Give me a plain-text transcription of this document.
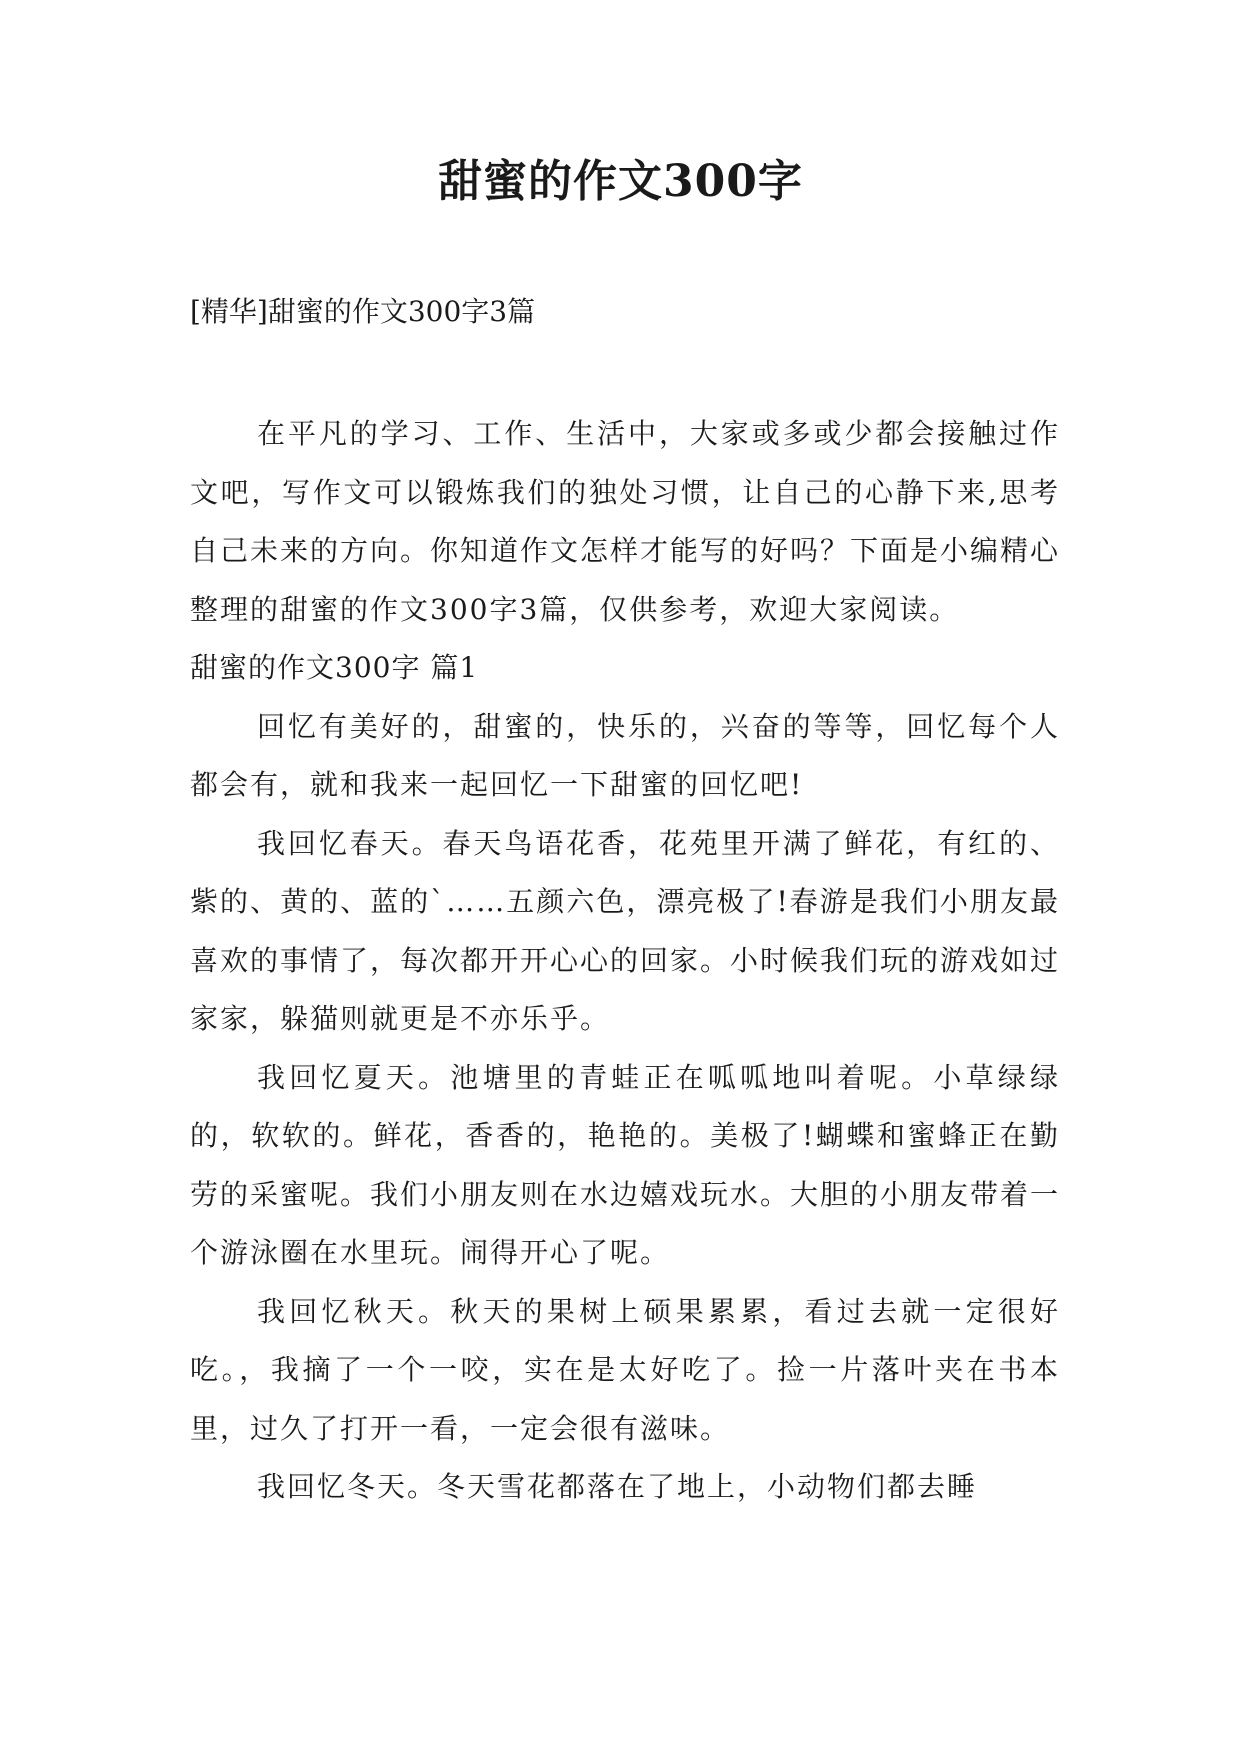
甜蜜的作文300字
[精华]甜蜜的作文300字3篇

在平凡的学习、工作、生活中，大家或多或少都会接触过作文吧，写作文可以锻炼我们的独处习惯，让自己的心静下来,思考自己未来的方向。你知道作文怎样才能写的好吗？下面是小编精心整理的甜蜜的作文300字3篇，仅供参考，欢迎大家阅读。

甜蜜的作文300字 篇1

回忆有美好的，甜蜜的，快乐的，兴奋的等等，回忆每个人都会有，就和我来一起回忆一下甜蜜的回忆吧!

我回忆春天。春天鸟语花香，花苑里开满了鲜花，有红的、紫的、黄的、蓝的`……五颜六色，漂亮极了!春游是我们小朋友最喜欢的事情了，每次都开开心心的回家。小时候我们玩的游戏如过家家，躲猫则就更是不亦乐乎。

我回忆夏天。池塘里的青蛙正在呱呱地叫着呢。小草绿绿的，软软的。鲜花，香香的，艳艳的。美极了!蝴蝶和蜜蜂正在勤劳的采蜜呢。我们小朋友则在水边嬉戏玩水。大胆的小朋友带着一个游泳圈在水里玩。闹得开心了呢。

我回忆秋天。秋天的果树上硕果累累，看过去就一定很好吃。，我摘了一个一咬，实在是太好吃了。捡一片落叶夹在书本里，过久了打开一看，一定会很有滋味。

我回忆冬天。冬天雪花都落在了地上，小动物们都去睡
